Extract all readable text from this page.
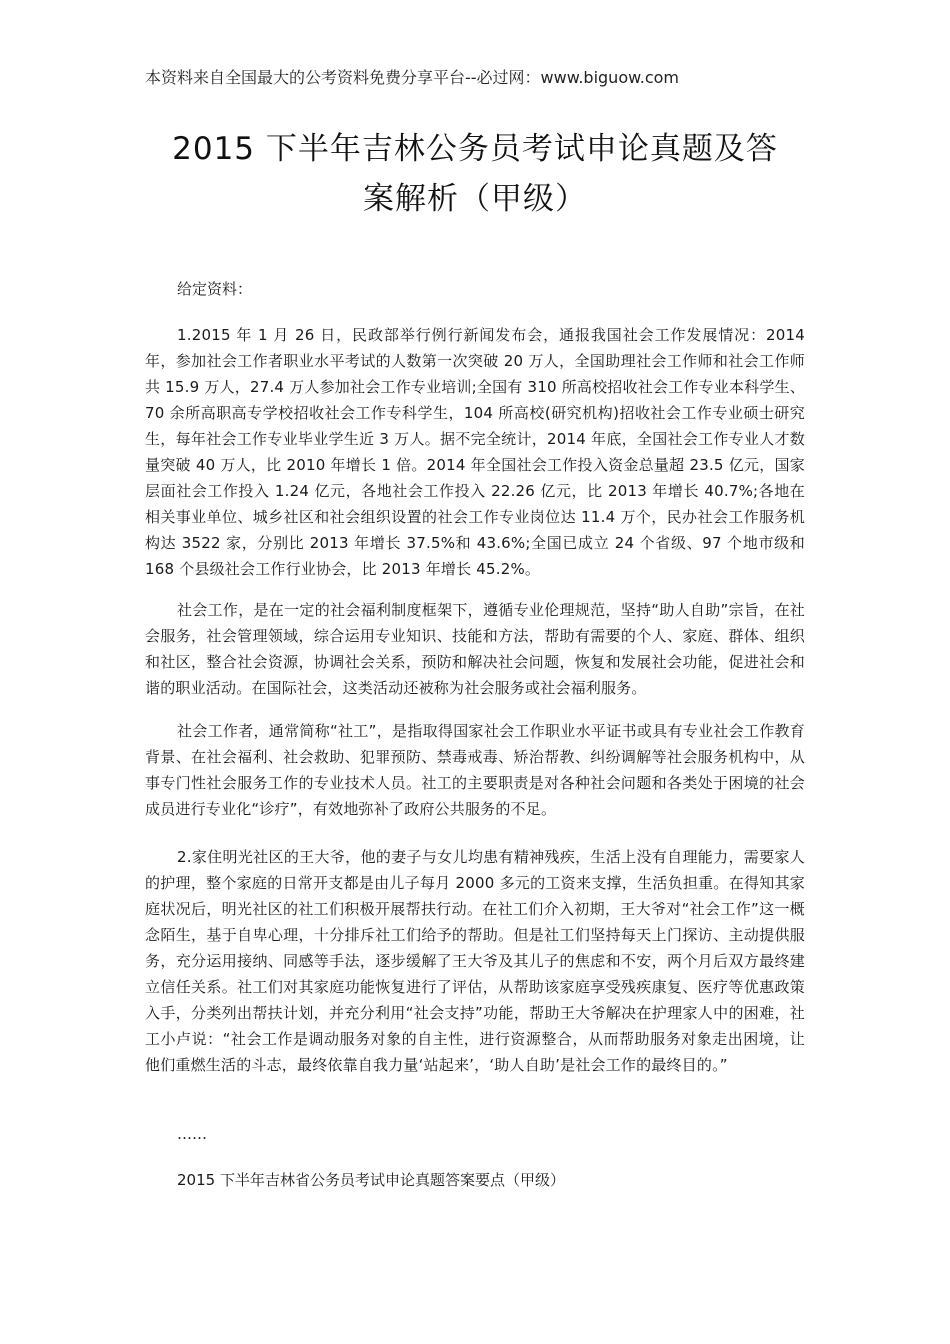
本资料来自全国最大的公考资料免费分享平台--必过网：www.biguow.com
2015 下半年吉林公务员考试申论真题及答
案解析（甲级）
给定资料：
1.2015 年 1 月 26 日，民政部举行例行新闻发布会，通报我国社会工作发展情况：2014 年，参加社会工作者职业水平考试的人数第一次突破 20 万人，全国助理社会工作师和社会工作师共 15.9 万人，27.4 万人参加社会工作专业培训;全国有 310 所高校招收社会工作专业本科学生、70 余所高职高专学校招收社会工作专科学生，104 所高校(研究机构)招收社会工作专业硕士研究生，每年社会工作专业毕业学生近 3 万人。据不完全统计，2014 年底，全国社会工作专业人才数量突破 40 万人，比 2010 年增长 1 倍。2014 年全国社会工作投入资金总量超 23.5 亿元，国家层面社会工作投入 1.24 亿元，各地社会工作投入 22.26 亿元，比 2013 年增长 40.7%;各地在相关事业单位、城乡社区和社会组织设置的社会工作专业岗位达 11.4 万个，民办社会工作服务机构达 3522 家，分别比 2013 年增长 37.5%和 43.6%;全国已成立 24 个省级、97 个地市级和 168 个县级社会工作行业协会，比 2013 年增长 45.2%。
社会工作，是在一定的社会福利制度框架下，遵循专业伦理规范，坚持“助人自助”宗旨，在社会服务，社会管理领域，综合运用专业知识、技能和方法，帮助有需要的个人、家庭、群体、组织和社区，整合社会资源，协调社会关系，预防和解决社会问题，恢复和发展社会功能，促进社会和谐的职业活动。在国际社会，这类活动还被称为社会服务或社会福利服务。
社会工作者，通常简称“社工”，是指取得国家社会工作职业水平证书或具有专业社会工作教育背景、在社会福利、社会救助、犯罪预防、禁毒戒毒、矫治帮教、纠纷调解等社会服务机构中，从事专门性社会服务工作的专业技术人员。社工的主要职责是对各种社会问题和各类处于困境的社会成员进行专业化“诊疗”，有效地弥补了政府公共服务的不足。
2.家住明光社区的王大爷，他的妻子与女儿均患有精神残疾，生活上没有自理能力，需要家人的护理，整个家庭的日常开支都是由儿子每月 2000 多元的工资来支撑，生活负担重。在得知其家庭状况后，明光社区的社工们积极开展帮扶行动。在社工们介入初期，王大爷对“社会工作”这一概念陌生，基于自卑心理，十分排斥社工们给予的帮助。但是社工们坚持每天上门探访、主动提供服务，充分运用接纳、同感等手法，逐步缓解了王大爷及其儿子的焦虑和不安，两个月后双方最终建立信任关系。社工们对其家庭功能恢复进行了评估，从帮助该家庭享受残疾康复、医疗等优惠政策入手，分类列出帮扶计划，并充分利用“社会支持”功能，帮助王大爷解决在护理家人中的困难，社工小卢说：“社会工作是调动服务对象的自主性，进行资源整合，从而帮助服务对象走出困境，让他们重燃生活的斗志，最终依靠自我力量‘站起来’，‘助人自助’是社会工作的最终目的。”
……
2015 下半年吉林省公务员考试申论真题答案要点（甲级）
